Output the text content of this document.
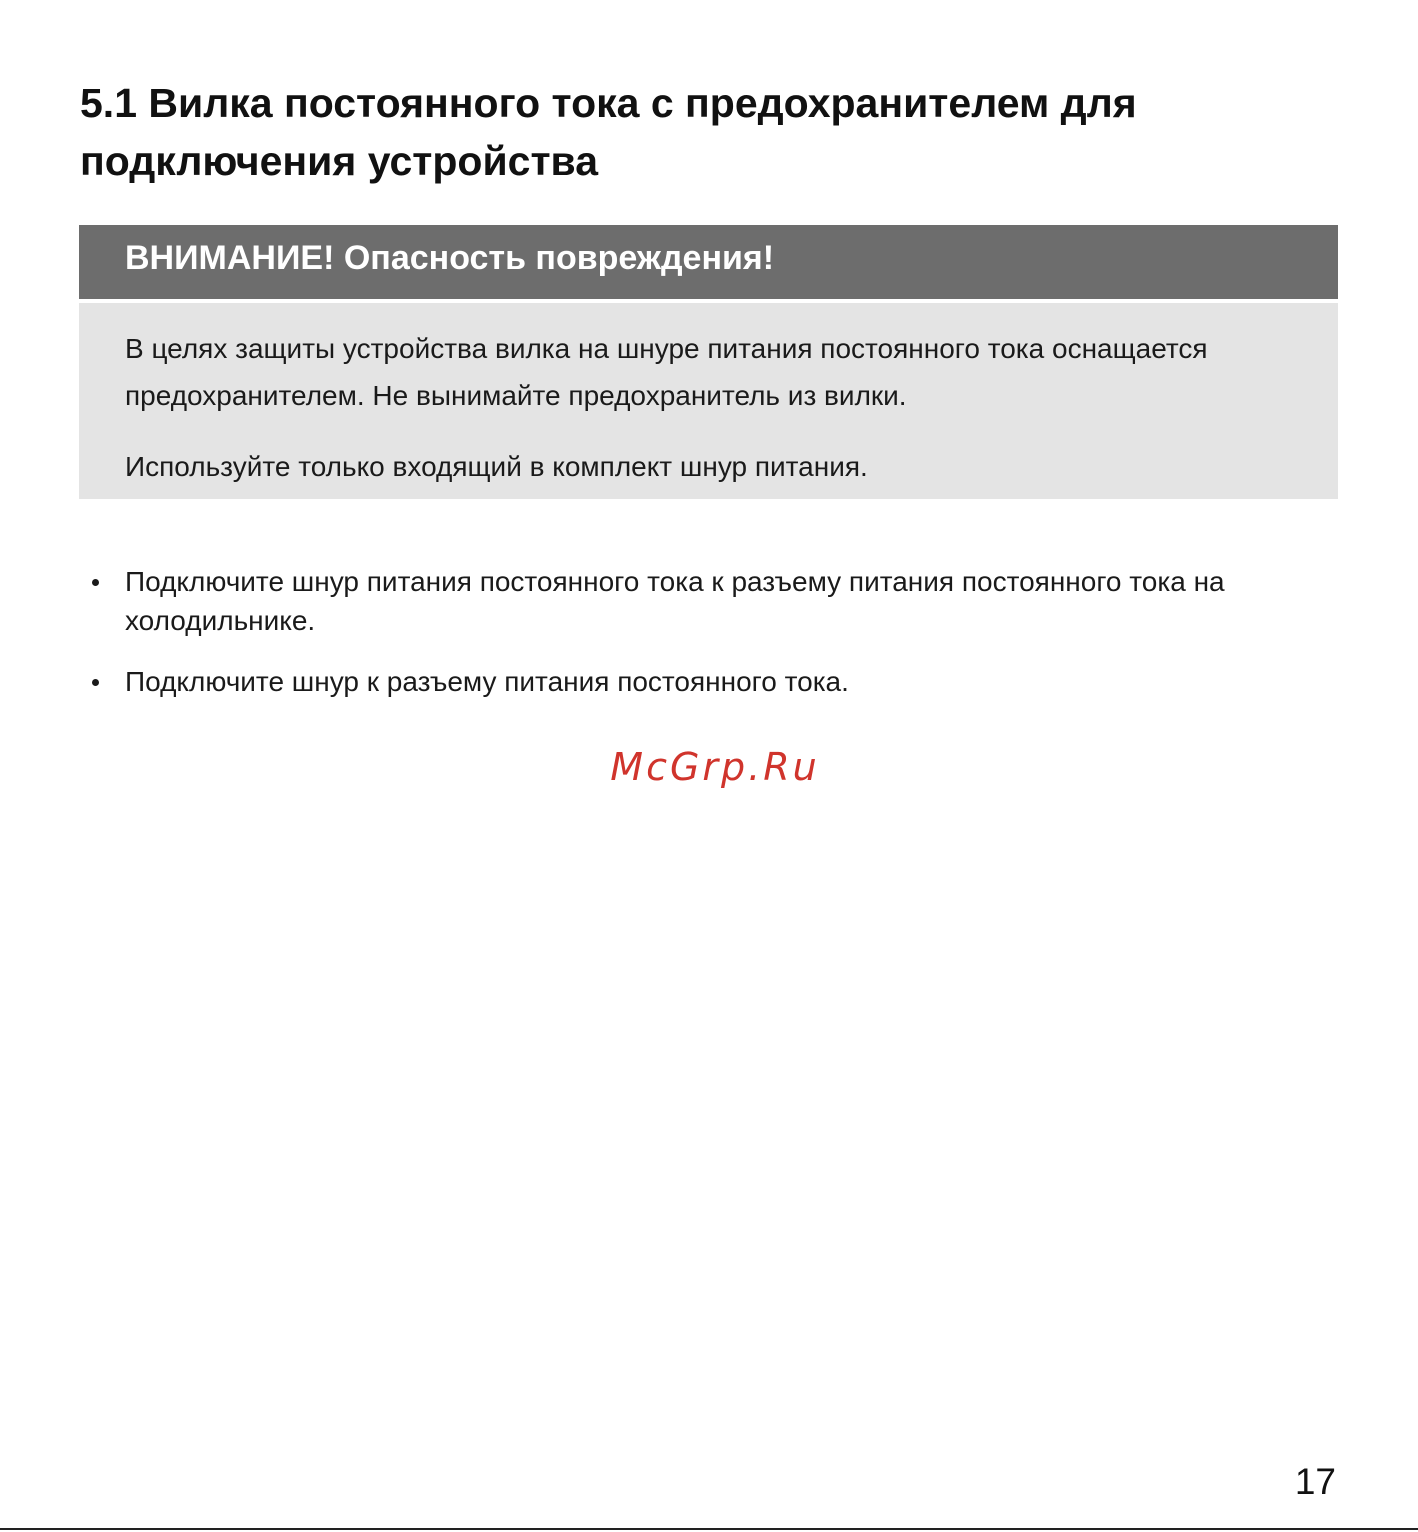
5.1 Вилка постоянного тока с предохранителем для подключения устройства
ВНИМАНИЕ! Опасность повреждения!

В целях защиты устройства вилка на шнуре питания постоянного тока оснащается предохранителем. Не вынимайте предохранитель из вилки.

Используйте только входящий в комплект шнур питания.

Подключите шнур питания постоянного тока к разъему питания постоянного тока на холодильнике.
Подключите шнур к разъему питания постоянного тока.
McGrp.Ru
17
